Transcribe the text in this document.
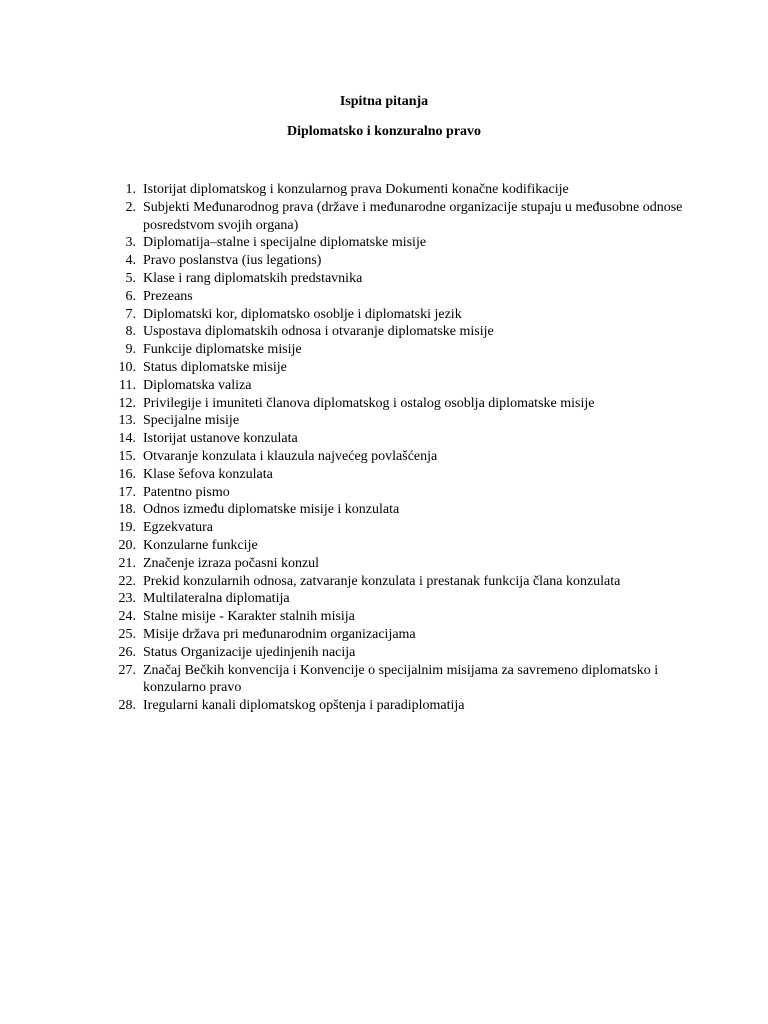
Ispitna pitanja

Diplomatsko i konzuralno pravo

1. Istorijat diplomatskog i konzularnog prava Dokumenti konačne kodifikacije
2. Subjekti Međunarodnog prava (države i međunarodne organizacije stupaju u međusobne odnose posredstvom svojih organa)
3. Diplomatija–stalne i specijalne diplomatske misije
4. Pravo poslanstva (ius legations)
5. Klase i rang diplomatskih predstavnika
6. Prezeans
7. Diplomatski kor, diplomatsko osoblje i diplomatski jezik
8. Uspostava diplomatskih odnosa i otvaranje diplomatske misije
9. Funkcije diplomatske misije
10. Status diplomatske misije
11. Diplomatska valiza
12. Privilegije i imuniteti članova diplomatskog i ostalog osoblja diplomatske misije
13. Specijalne misije
14. Istorijat ustanove konzulata
15. Otvaranje konzulata i klauzula najvećeg povlašćenja
16. Klase šefova konzulata
17. Patentno pismo
18. Odnos između diplomatske misije i konzulata
19. Egzekvatura
20. Konzularne funkcije
21. Značenje izraza počasni konzul
22. Prekid konzularnih odnosa, zatvaranje konzulata i prestanak funkcija člana konzulata
23. Multilateralna diplomatija
24. Stalne misije - Karakter stalnih misija
25. Misije država pri međunarodnim organizacijama
26. Status Organizacije ujedinjenih nacija
27. Značaj Bečkih konvencija i Konvencije o specijalnim misijama za savremeno diplomatsko i konzularno pravo
28. Iregularni kanali diplomatskog opštenja i paradiplomatija
